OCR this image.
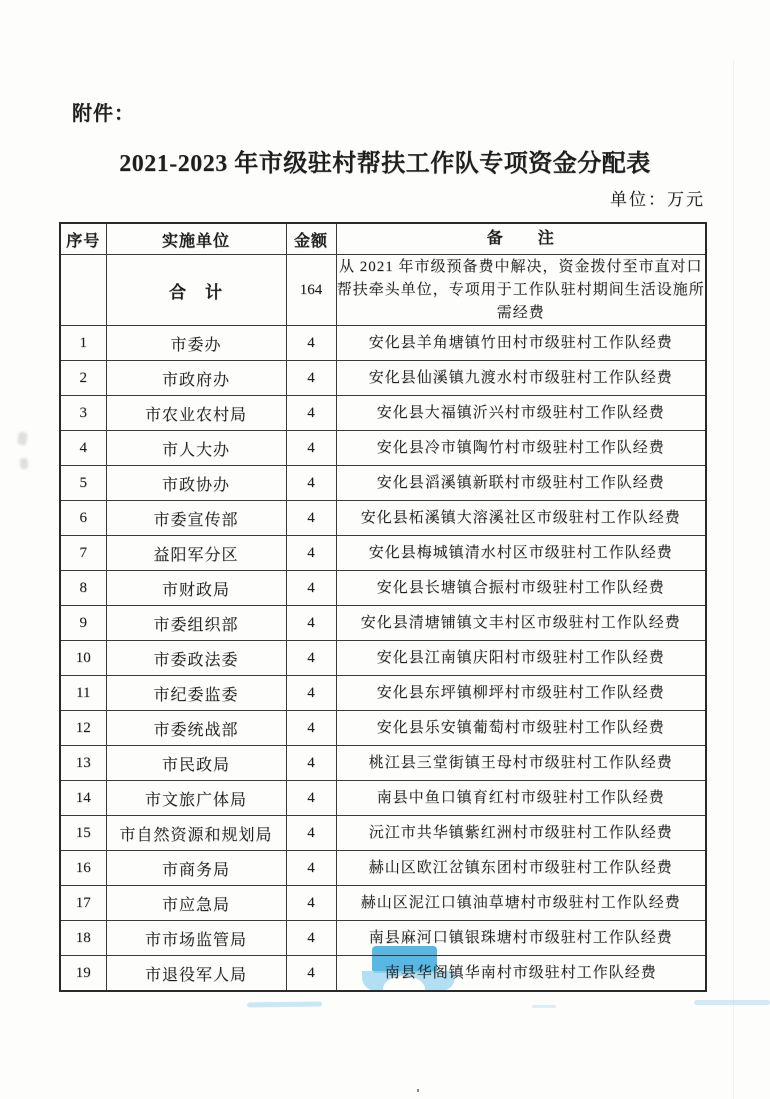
附件：
2021-2023 年市级驻村帮扶工作队专项资金分配表
单位：万元
序号	实施单位	金额	备　　注
	合　计	164	从 2021 年市级预备费中解决，资金拨付至市直对口帮扶牵头单位，专项用于工作队驻村期间生活设施所需经费
1	市委办	4	安化县羊角塘镇竹田村市级驻村工作队经费
2	市政府办	4	安化县仙溪镇九渡水村市级驻村工作队经费
3	市农业农村局	4	安化县大福镇沂兴村市级驻村工作队经费
4	市人大办	4	安化县冷市镇陶竹村市级驻村工作队经费
5	市政协办	4	安化县滔溪镇新联村市级驻村工作队经费
6	市委宣传部	4	安化县柘溪镇大溶溪社区市级驻村工作队经费
7	益阳军分区	4	安化县梅城镇清水村区市级驻村工作队经费
8	市财政局	4	安化县长塘镇合振村市级驻村工作队经费
9	市委组织部	4	安化县清塘铺镇文丰村区市级驻村工作队经费
10	市委政法委	4	安化县江南镇庆阳村市级驻村工作队经费
11	市纪委监委	4	安化县东坪镇柳坪村市级驻村工作队经费
12	市委统战部	4	安化县乐安镇葡萄村市级驻村工作队经费
13	市民政局	4	桃江县三堂街镇王母村市级驻村工作队经费
14	市文旅广体局	4	南县中鱼口镇育红村市级驻村工作队经费
15	市自然资源和规划局	4	沅江市共华镇紫红洲村市级驻村工作队经费
16	市商务局	4	赫山区欧江岔镇东团村市级驻村工作队经费
17	市应急局	4	赫山区泥江口镇油草塘村市级驻村工作队经费
18	市市场监管局	4	南县麻河口镇银珠塘村市级驻村工作队经费
19	市退役军人局	4	南县华阁镇华南村市级驻村工作队经费
